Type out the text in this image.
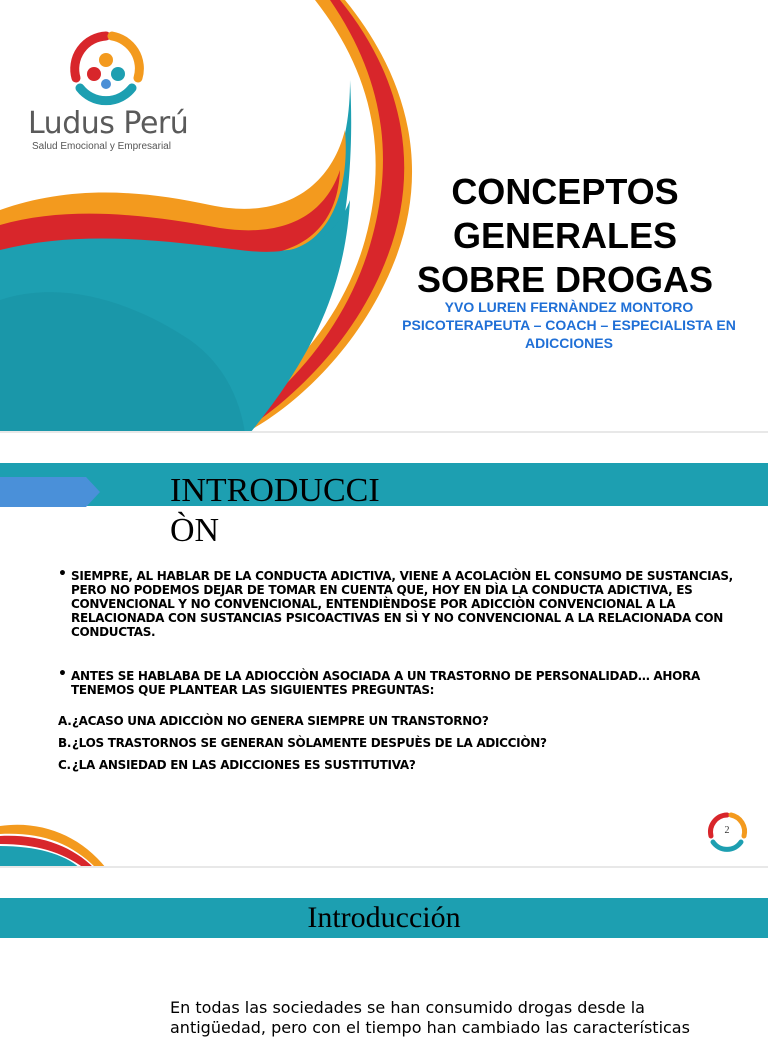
Ludus Perú
Salud Emocional y Empresarial
CONCEPTOS
GENERALES
SOBRE DROGAS
YVO LUREN FERNÀNDEZ MONTORO
PSICOTERAPEUTA – COACH – ESPECIALISTA EN
ADICCIONES
INTRODUCCI
ÒN
• SIEMPRE, AL HABLAR DE LA CONDUCTA ADICTIVA, VIENE A ACOLACIÒN EL CONSUMO DE SUSTANCIAS, PERO NO PODEMOS DEJAR DE TOMAR EN CUENTA QUE, HOY EN DÌA LA CONDUCTA ADICTIVA, ES CONVENCIONAL Y NO CONVENCIONAL, ENTENDIÈNDOSE POR ADICCIÒN CONVENCIONAL A LA RELACIONADA CON SUSTANCIAS PSICOACTIVAS EN SÌ Y NO CONVENCIONAL A LA RELACIONADA CON CONDUCTAS.
• ANTES SE HABLABA DE LA ADIOCCIÒN ASOCIADA A UN TRASTORNO DE PERSONALIDAD… AHORA TENEMOS QUE PLANTEAR LAS SIGUIENTES PREGUNTAS:
A.¿ACASO UNA ADICCIÒN NO GENERA SIEMPRE UN TRANSTORNO?
B.¿LOS TRASTORNOS SE GENERAN SÒLAMENTE DESPUÈS DE LA ADICCIÒN?
C.¿LA ANSIEDAD EN LAS ADICCIONES ES SUSTITUTIVA?
2
Introducción
En todas las sociedades se han consumido drogas desde la antigüedad, pero con el tiempo han cambiado las características
